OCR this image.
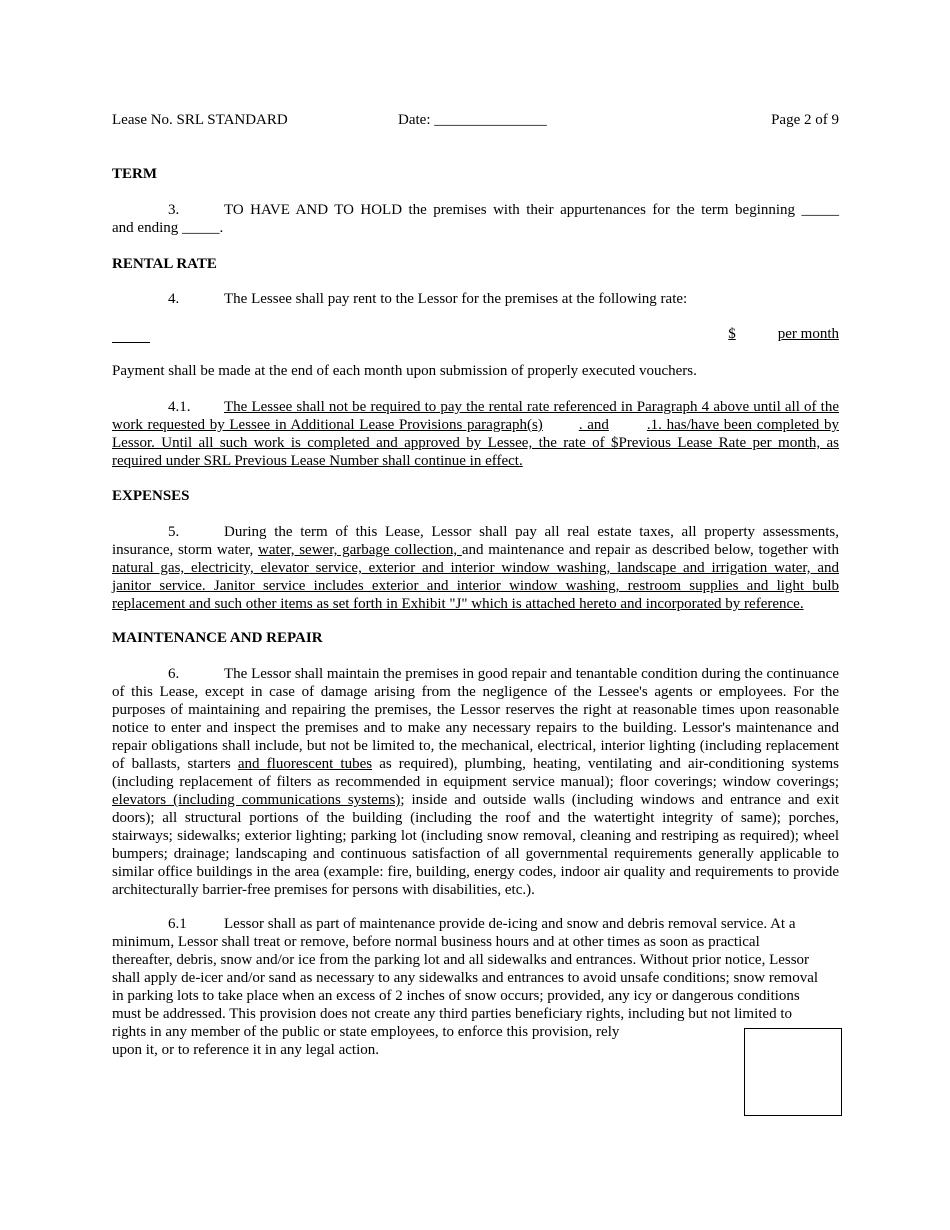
Lease No. SRL STANDARD	Date: _______________	Page 2 of 9
TERM
3.	TO HAVE AND TO HOLD the premises with their appurtenances for the term beginning _____
and ending _____.
RENTAL RATE
4.	The Lessee shall pay rent to the Lessor for the premises at the following rate:
$	per month
Payment shall be made at the end of each month upon submission of properly executed vouchers.
4.1. The Lessee shall not be required to pay the rental rate referenced in Paragraph 4 above until all of the work requested by Lessee in Additional Lease Provisions paragraph(s) . and	.1. has/have been completed by Lessor. Until all such work is completed and approved by Lessee, the rate of $Previous Lease Rate per month, as required under SRL Previous Lease Number shall continue in effect.
EXPENSES
5.	During the term of this Lease, Lessor shall pay all real estate taxes, all property assessments, insurance, storm water, water, sewer, garbage collection, and maintenance and repair as described below, together with natural gas, electricity, elevator service, exterior and interior window washing, landscape and irrigation water, and janitor service. Janitor service includes exterior and interior window washing, restroom supplies and light bulb replacement and such other items as set forth in Exhibit "J" which is attached hereto and incorporated by reference.
MAINTENANCE AND REPAIR
6.	The Lessor shall maintain the premises in good repair and tenantable condition during the continuance of this Lease, except in case of damage arising from the negligence of the Lessee's agents or employees. For the purposes of maintaining and repairing the premises, the Lessor reserves the right at reasonable times upon reasonable notice to enter and inspect the premises and to make any necessary repairs to the building. Lessor's maintenance and repair obligations shall include, but not be limited to, the mechanical, electrical, interior lighting (including replacement of ballasts, starters and fluorescent tubes as required), plumbing, heating, ventilating and air-conditioning systems (including replacement of filters as recommended in equipment service manual); floor coverings; window coverings; elevators (including communications systems); inside and outside walls (including windows and entrance and exit doors); all structural portions of the building (including the roof and the watertight integrity of same); porches, stairways; sidewalks; exterior lighting; parking lot (including snow removal, cleaning and restriping as required); wheel bumpers; drainage; landscaping and continuous satisfaction of all governmental requirements generally applicable to similar office buildings in the area (example: fire, building, energy codes, indoor air quality and requirements to provide architecturally barrier-free premises for persons with disabilities, etc.).
6.1 Lessor shall as part of maintenance provide de-icing and snow and debris removal service. At a minimum, Lessor shall treat or remove, before normal business hours and at other times as soon as practical thereafter, debris, snow and/or ice from the parking lot and all sidewalks and entrances. Without prior notice, Lessor shall apply de-icer and/or sand as necessary to any sidewalks and entrances to avoid unsafe conditions; snow removal in parking lots to take place when an excess of 2 inches of snow occurs; provided, any icy or dangerous conditions must be addressed. This provision does not create any third parties beneficiary rights, including but not limited to rights in any member of the public or state employees, to enforce this provision, rely
upon it, or to reference it in any legal action.
